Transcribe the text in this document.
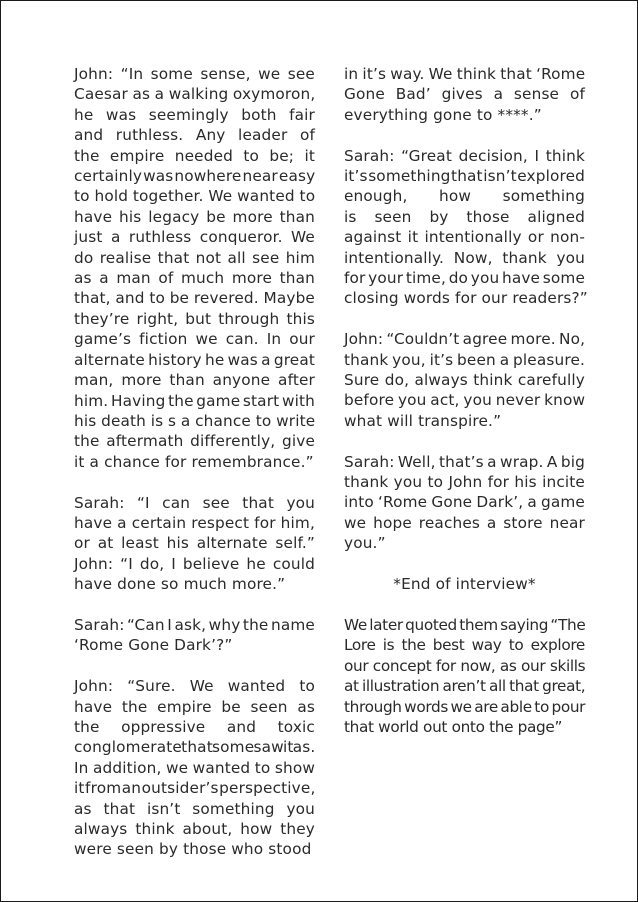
John: “In some sense, we see
Caesar as a walking oxymoron,
he was seemingly both fair
and ruthless. Any leader of
the empire needed to be; it
certainly was nowhere near easy
to hold together. We wanted to
have his legacy be more than
just a ruthless conqueror. We
do realise that not all see him
as a man of much more than
that, and to be revered. Maybe
they’re right, but through this
game’s fiction we can. In our
alternate history he was a great
man, more than anyone after
him. Having the game start with
his death is s a chance to write
the aftermath differently, give
it a chance for remembrance.”
Sarah: “I can see that you
have a certain respect for him,
or at least his alternate self.”
John: “I do, I believe he could
have done so much more.”
Sarah: “Can I ask, why the name
‘Rome Gone Dark’?”
John: “Sure. We wanted to
have the empire be seen as
the oppressive and toxic
conglomerate that some saw it as.
In addition, we wanted to show
it from an outsider’s perspective,
as that isn’t something you
always think about, how they
were seen by those who stood
in it’s way. We think that ‘Rome
Gone Bad’ gives a sense of
everything gone to ****.”
Sarah: “Great decision, I think
it’s something that isn’t explored
enough, how something
is seen by those aligned
against it intentionally or non-
intentionally. Now, thank you
for your time, do you have some
closing words for our readers?”
John: “Couldn’t agree more. No,
thank you, it’s been a pleasure.
Sure do, always think carefully
before you act, you never know
what will transpire.”
Sarah: Well, that’s a wrap. A big
thank you to John for his incite
into ‘Rome Gone Dark’, a game
we hope reaches a store near
you.”
*End of interview*
We later quoted them saying “The
Lore is the best way to explore
our concept for now, as our skills
at illustration aren’t all that great,
through words we are able to pour
that world out onto the page”
